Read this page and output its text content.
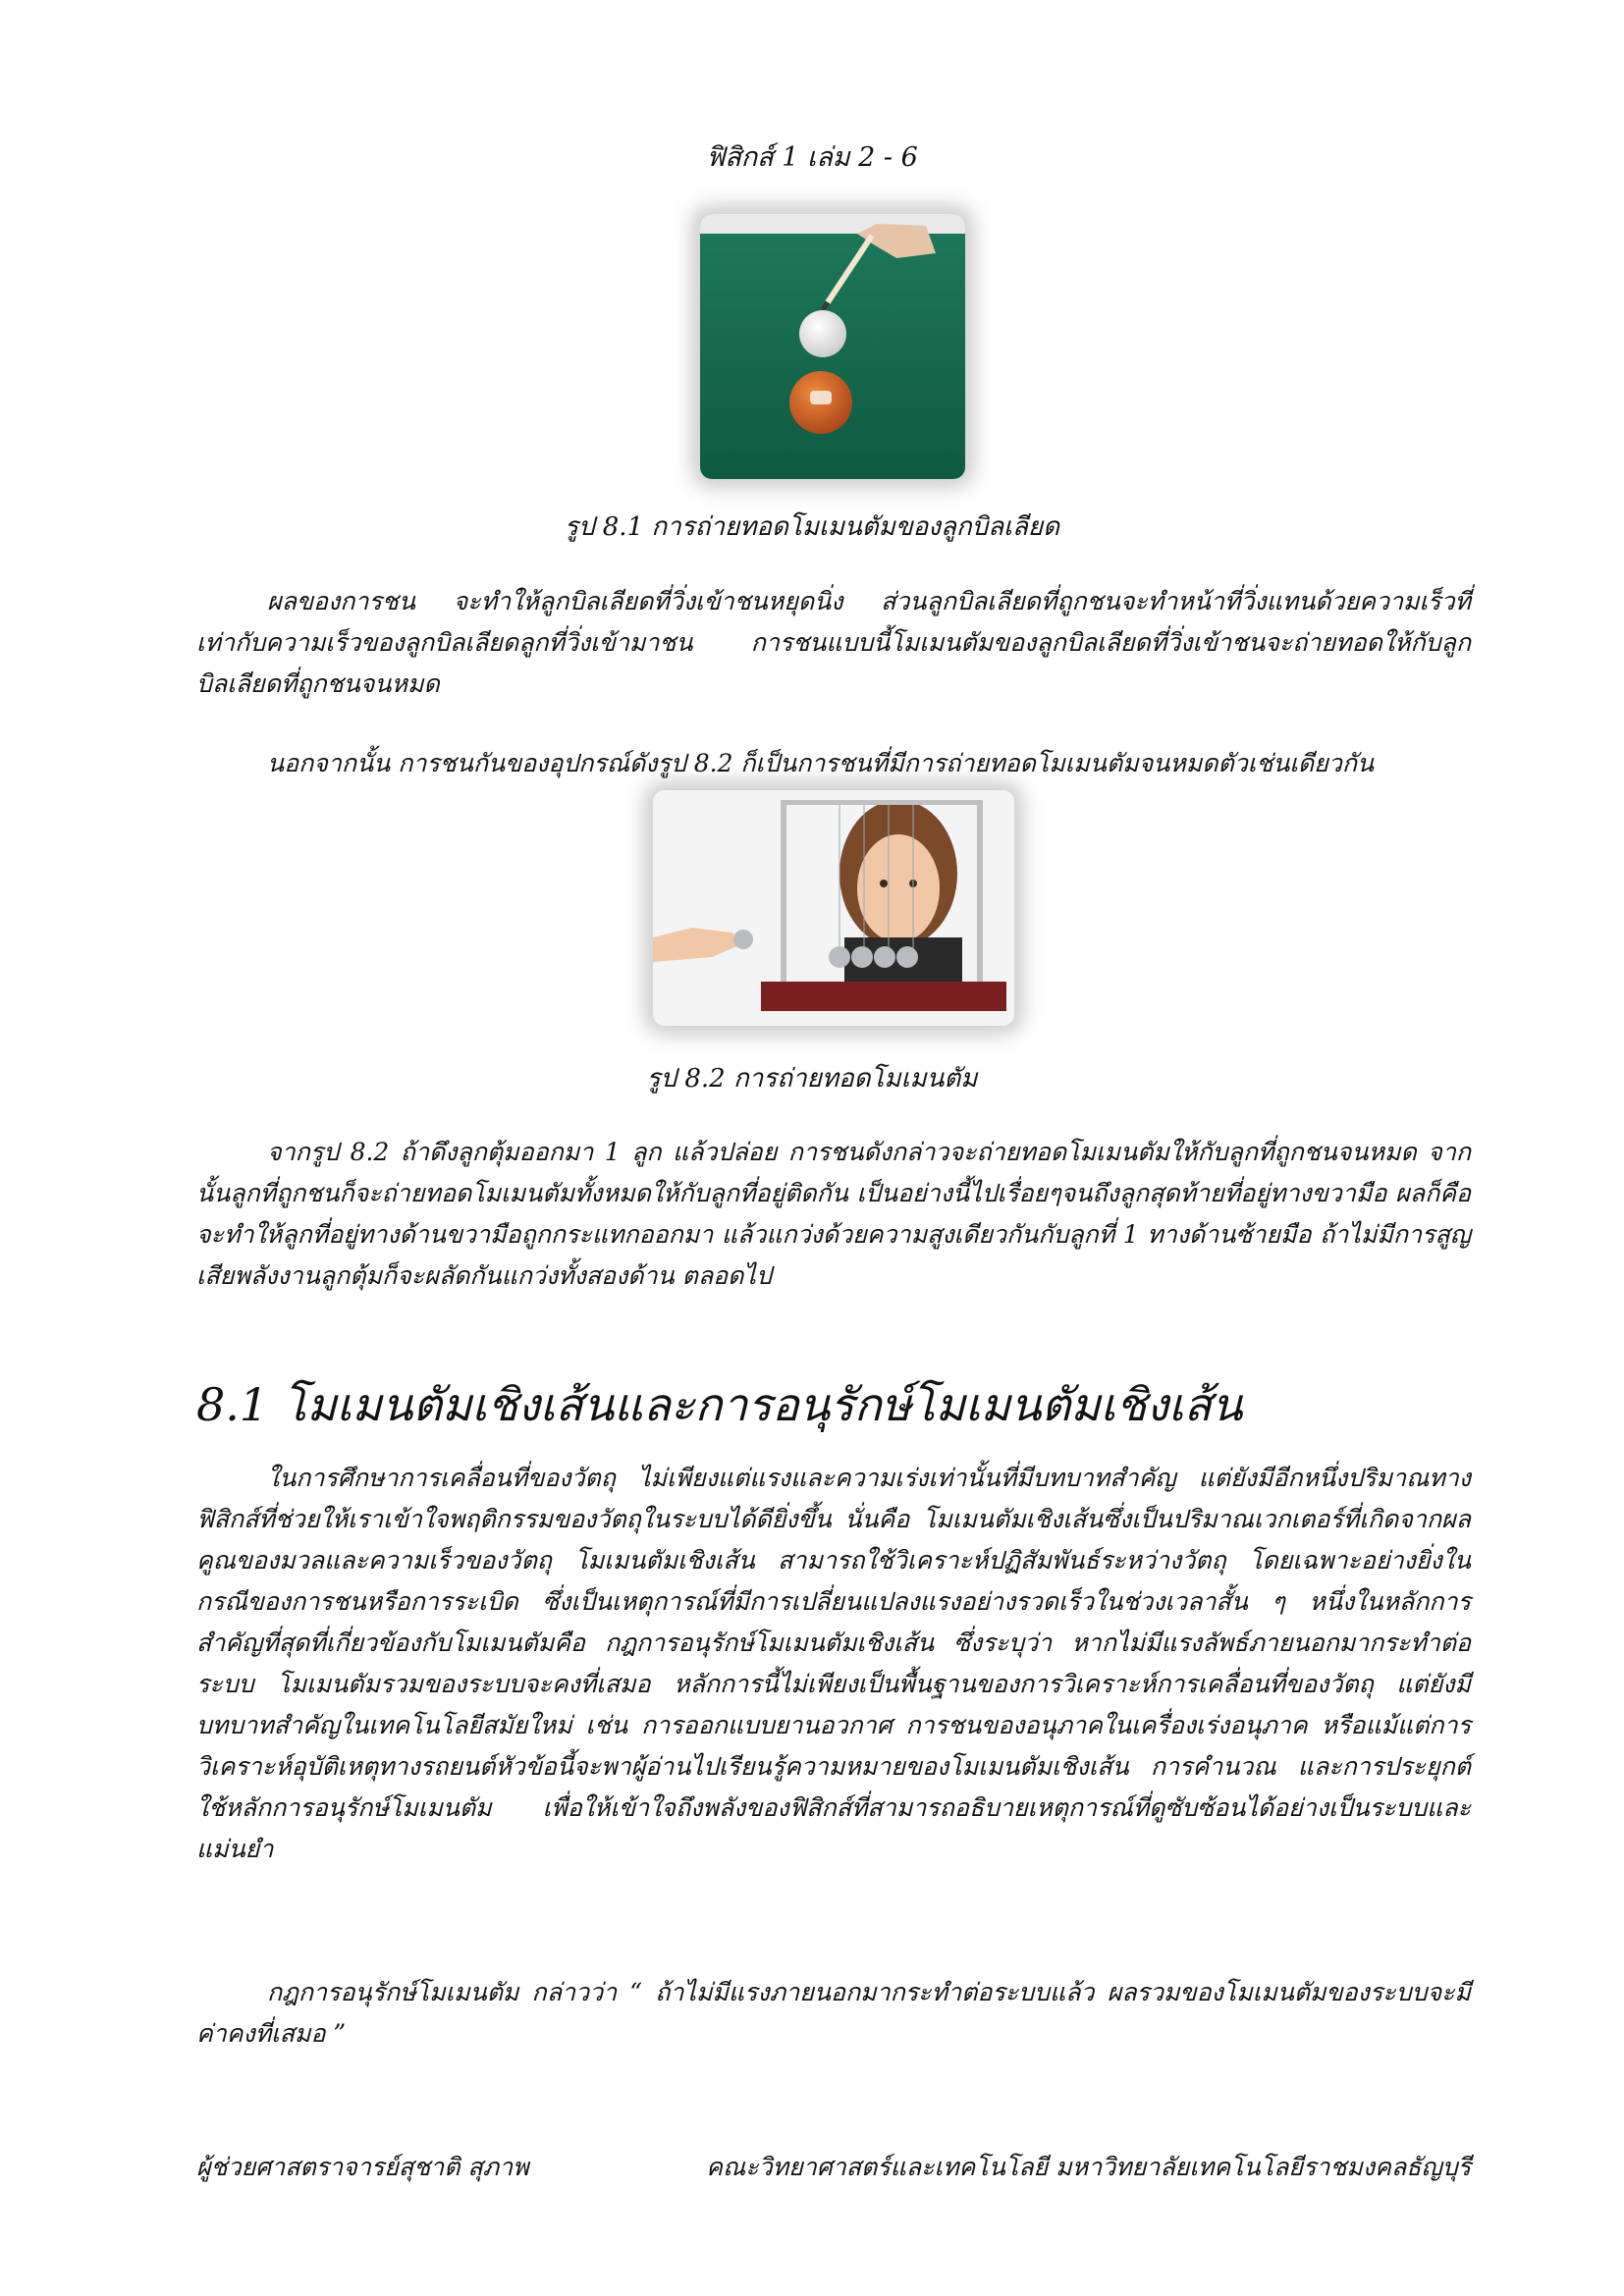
ฟิสิกส์ 1 เล่ม 2 - 6
รูป 8.1 การถ่ายทอดโมเมนตัมของลูกบิลเลียด

ผลของการชน จะทำให้ลูกบิลเลียดที่วิ่งเข้าชนหยุดนิ่ง ส่วนลูกบิลเลียดที่ถูกชนจะทำหน้าที่วิ่งแทนด้วยความเร็วที่เท่ากับความเร็วของลูกบิลเลียดลูกที่วิ่งเข้ามาชน การชนแบบนี้โมเมนตัมของลูกบิลเลียดที่วิ่งเข้าชนจะถ่ายทอดให้กับลูกบิลเลียดที่ถูกชนจนหมด

นอกจากนั้น การชนกันของอุปกรณ์ดังรูป 8.2 ก็เป็นการชนที่มีการถ่ายทอดโมเมนตัมจนหมดตัวเช่นเดียวกัน

รูป 8.2 การถ่ายทอดโมเมนตัม

จากรูป 8.2 ถ้าดึงลูกตุ้มออกมา 1 ลูก แล้วปล่อย การชนดังกล่าวจะถ่ายทอดโมเมนตัมให้กับลูกที่ถูกชนจนหมด จากนั้นลูกที่ถูกชนก็จะถ่ายทอดโมเมนตัมทั้งหมดให้กับลูกที่อยู่ติดกัน เป็นอย่างนี้ไปเรื่อยๆจนถึงลูกสุดท้ายที่อยู่ทางขวามือ ผลก็คือจะทำให้ลูกที่อยู่ทางด้านขวามือถูกกระแทกออกมา แล้วแกว่งด้วยความสูงเดียวกันกับลูกที่ 1 ทางด้านซ้ายมือ ถ้าไม่มีการสูญเสียพลังงานลูกตุ้มก็จะผลัดกันแกว่งทั้งสองด้าน ตลอดไป

8.1 โมเมนตัมเชิงเส้นและการอนุรักษ์โมเมนตัมเชิงเส้น

ในการศึกษาการเคลื่อนที่ของวัตถุ ไม่เพียงแต่แรงและความเร่งเท่านั้นที่มีบทบาทสำคัญ แต่ยังมีอีกหนึ่งปริมาณทางฟิสิกส์ที่ช่วยให้เราเข้าใจพฤติกรรมของวัตถุในระบบได้ดียิ่งขึ้น นั่นคือ โมเมนตัมเชิงเส้นซึ่งเป็นปริมาณเวกเตอร์ที่เกิดจากผลคูณของมวลและความเร็วของวัตถุ โมเมนตัมเชิงเส้น สามารถใช้วิเคราะห์ปฏิสัมพันธ์ระหว่างวัตถุ โดยเฉพาะอย่างยิ่งในกรณีของการชนหรือการระเบิด ซึ่งเป็นเหตุการณ์ที่มีการเปลี่ยนแปลงแรงอย่างรวดเร็วในช่วงเวลาสั้น ๆ หนึ่งในหลักการสำคัญที่สุดที่เกี่ยวข้องกับโมเมนตัมคือ กฎการอนุรักษ์โมเมนตัมเชิงเส้น ซึ่งระบุว่า หากไม่มีแรงลัพธ์ภายนอกมากระทำต่อระบบ โมเมนตัมรวมของระบบจะคงที่เสมอ หลักการนี้ไม่เพียงเป็นพื้นฐานของการวิเคราะห์การเคลื่อนที่ของวัตถุ แต่ยังมีบทบาทสำคัญในเทคโนโลยีสมัยใหม่ เช่น การออกแบบยานอวกาศ การชนของอนุภาคในเครื่องเร่งอนุภาค หรือแม้แต่การวิเคราะห์อุบัติเหตุทางรถยนต์หัวข้อนี้จะพาผู้อ่านไปเรียนรู้ความหมายของโมเมนตัมเชิงเส้น การคำนวณ และการประยุกต์ใช้หลักการอนุรักษ์โมเมนตัม เพื่อให้เข้าใจถึงพลังของฟิสิกส์ที่สามารถอธิบายเหตุการณ์ที่ดูซับซ้อนได้อย่างเป็นระบบและแม่นยำ

กฎการอนุรักษ์โมเมนตัม กล่าวว่า “ ถ้าไม่มีแรงภายนอกมากระทำต่อระบบแล้ว ผลรวมของโมเมนตัมของระบบจะมีค่าคงที่เสมอ ”

ผู้ช่วยศาสตราจารย์สุชาติ สุภาพ	คณะวิทยาศาสตร์และเทคโนโลยี มหาวิทยาลัยเทคโนโลยีราชมงคลธัญบุรี
